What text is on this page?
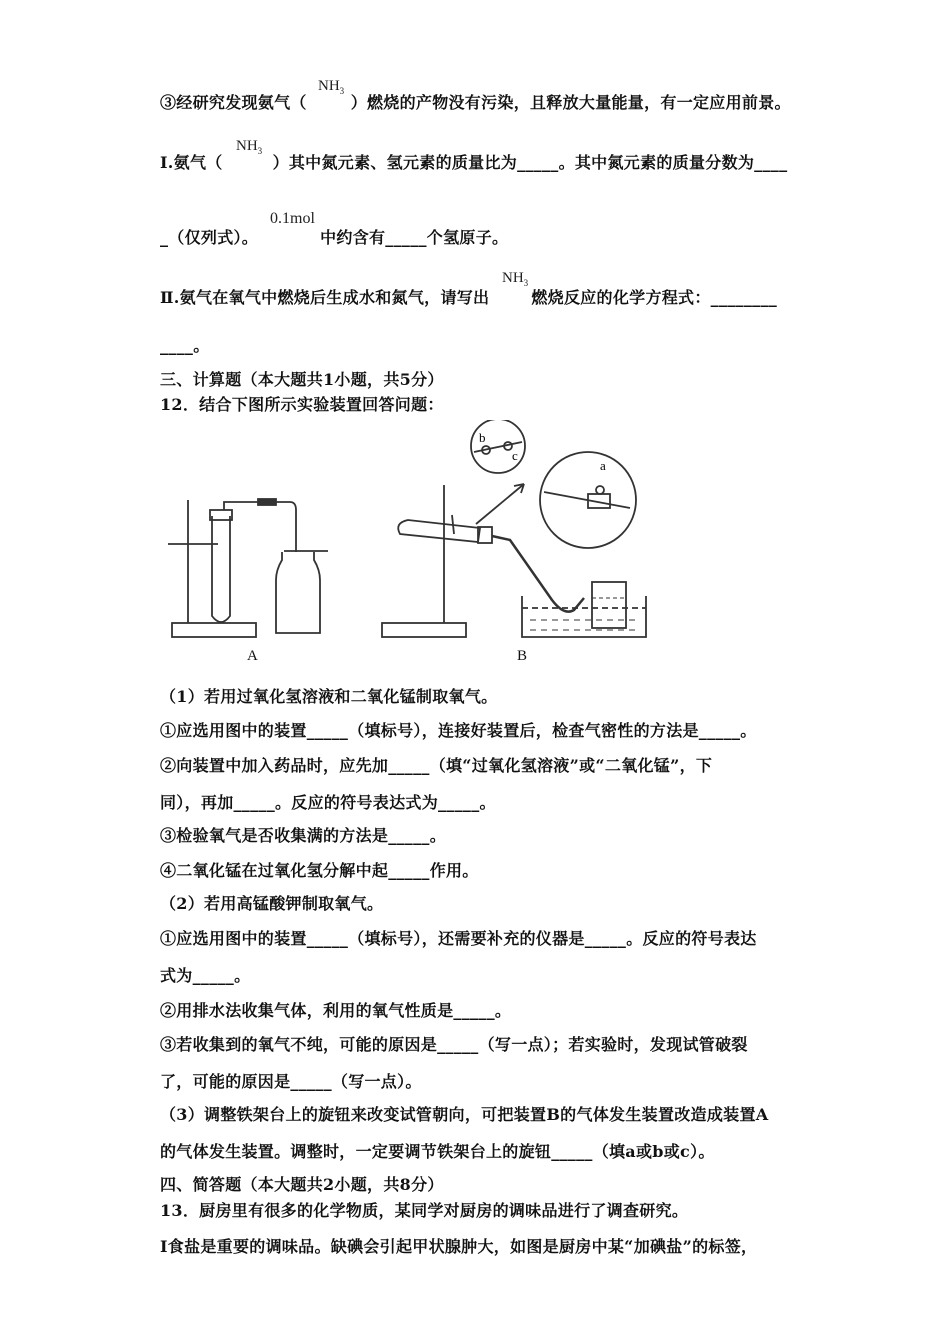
③经研究发现氨气（	）燃烧的产物没有污染，且释放大量能量，有一定应用前景。
$NH_3$
Ⅰ.氨气（	）其中氮元素、氢元素的质量比为_____。其中氮元素的质量分数为____
$NH_3$
_（仅列式）。	中约含有_____个氢原子。
0.1mol
Ⅱ.氨气在氧气中燃烧后生成水和氮气，请写出	燃烧反应的化学方程式：________
$NH_3$
____。
三、计算题（本大题共1小题，共5分）
12．结合下图所示实验装置回答问题：
b
c
a
A	B
（1）若用过氧化氢溶液和二氧化锰制取氧气。
①应选用图中的装置_____（填标号），连接好装置后，检查气密性的方法是_____。
②向装置中加入药品时，应先加_____（填“过氧化氢溶液”或“二氧化锰”，下
同），再加_____。反应的符号表达式为_____。
③检验氧气是否收集满的方法是_____。
④二氧化锰在过氧化氢分解中起_____作用。
（2）若用高锰酸钾制取氧气。
①应选用图中的装置_____（填标号），还需要补充的仪器是_____。反应的符号表达
式为_____。
②用排水法收集气体，利用的氧气性质是_____。
③若收集到的氧气不纯，可能的原因是_____（写一点）；若实验时，发现试管破裂
了，可能的原因是_____（写一点）。
（3）调整铁架台上的旋钮来改变试管朝向，可把装置B的气体发生装置改造成装置A
的气体发生装置。调整时，一定要调节铁架台上的旋钮_____（填a或b或c）。
四、简答题（本大题共2小题，共8分）
13．厨房里有很多的化学物质，某同学对厨房的调味品进行了调查研究。
Ⅰ食盐是重要的调味品。缺碘会引起甲状腺肿大，如图是厨房中某“加碘盐”的标签，
